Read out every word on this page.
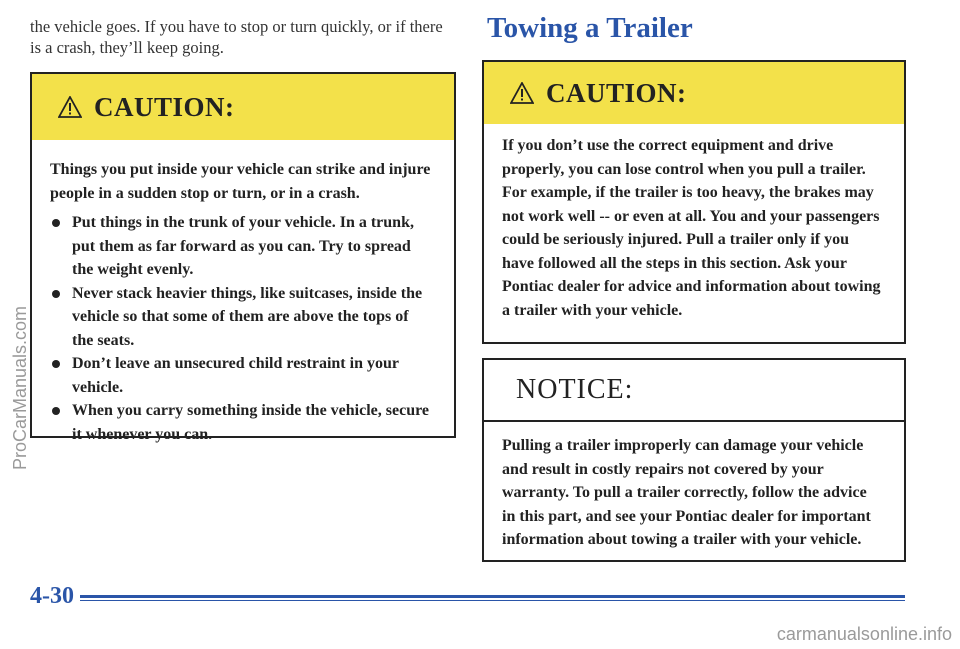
the vehicle goes. If you have to stop or turn quickly, or if there is a crash, they’ll keep going.
CAUTION:

Things you put inside your vehicle can strike and injure people in a sudden stop or turn, or in a crash.

Put things in the trunk of your vehicle. In a trunk, put them as far forward as you can. Try to spread the weight evenly.
Never stack heavier things, like suitcases, inside the vehicle so that some of them are above the tops of the seats.
Don’t leave an unsecured child restraint in your vehicle.
When you carry something inside the vehicle, secure it whenever you can.
Towing a Trailer
CAUTION:

If you don’t use the correct equipment and drive properly, you can lose control when you pull a trailer. For example, if the trailer is too heavy, the brakes may not work well -- or even at all. You and your passengers could be seriously injured. Pull a trailer only if you have followed all the steps in this section. Ask your Pontiac dealer for advice and information about towing a trailer with your vehicle.

NOTICE:

Pulling a trailer improperly can damage your vehicle and result in costly repairs not covered by your warranty. To pull a trailer correctly, follow the advice in this part, and see your Pontiac dealer for important information about towing a trailer with your vehicle.

4-30
ProCarManuals.com
carmanualsonline.info
